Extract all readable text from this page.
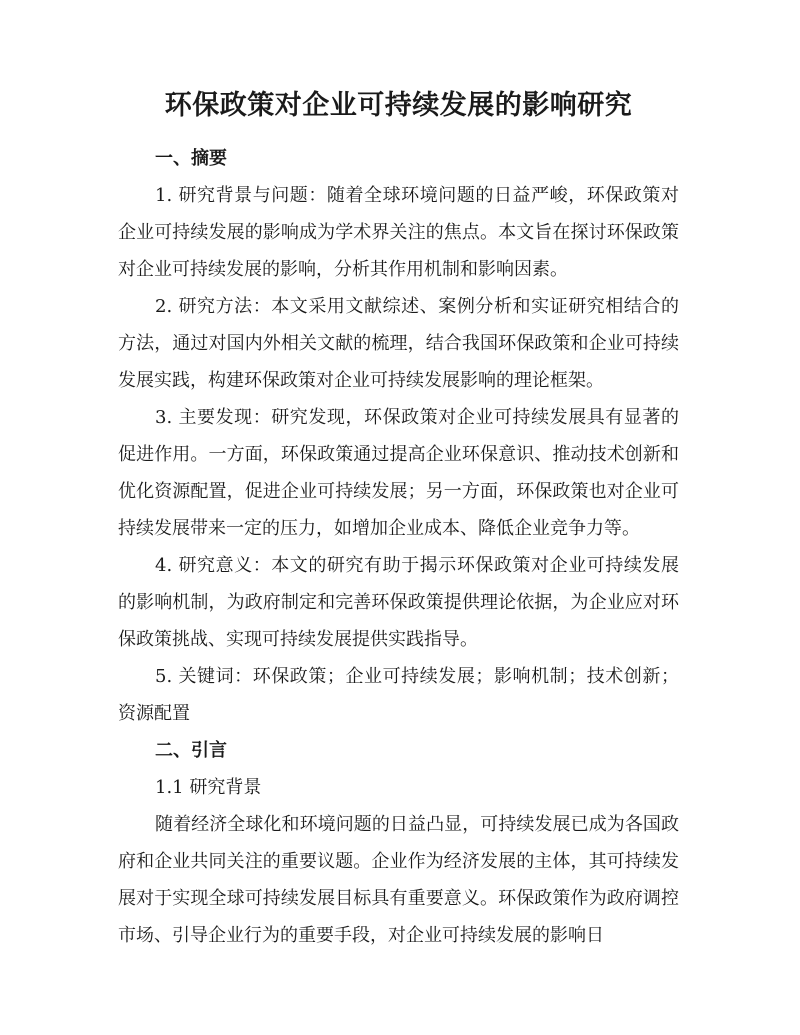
环保政策对企业可持续发展的影响研究

一、摘要

1. 研究背景与问题：随着全球环境问题的日益严峻，环保政策对企业可持续发展的影响成为学术界关注的焦点。本文旨在探讨环保政策对企业可持续发展的影响，分析其作用机制和影响因素。

2. 研究方法：本文采用文献综述、案例分析和实证研究相结合的方法，通过对国内外相关文献的梳理，结合我国环保政策和企业可持续发展实践，构建环保政策对企业可持续发展影响的理论框架。

3. 主要发现：研究发现，环保政策对企业可持续发展具有显著的促进作用。一方面，环保政策通过提高企业环保意识、推动技术创新和优化资源配置，促进企业可持续发展；另一方面，环保政策也对企业可持续发展带来一定的压力，如增加企业成本、降低企业竞争力等。

4. 研究意义：本文的研究有助于揭示环保政策对企业可持续发展的影响机制，为政府制定和完善环保政策提供理论依据，为企业应对环保政策挑战、实现可持续发展提供实践指导。

5. 关键词：环保政策；企业可持续发展；影响机制；技术创新；资源配置

二、引言

1.1 研究背景

随着经济全球化和环境问题的日益凸显，可持续发展已成为各国政府和企业共同关注的重要议题。企业作为经济发展的主体，其可持续发展对于实现全球可持续发展目标具有重要意义。环保政策作为政府调控市场、引导企业行为的重要手段，对企业可持续发展的影响日
